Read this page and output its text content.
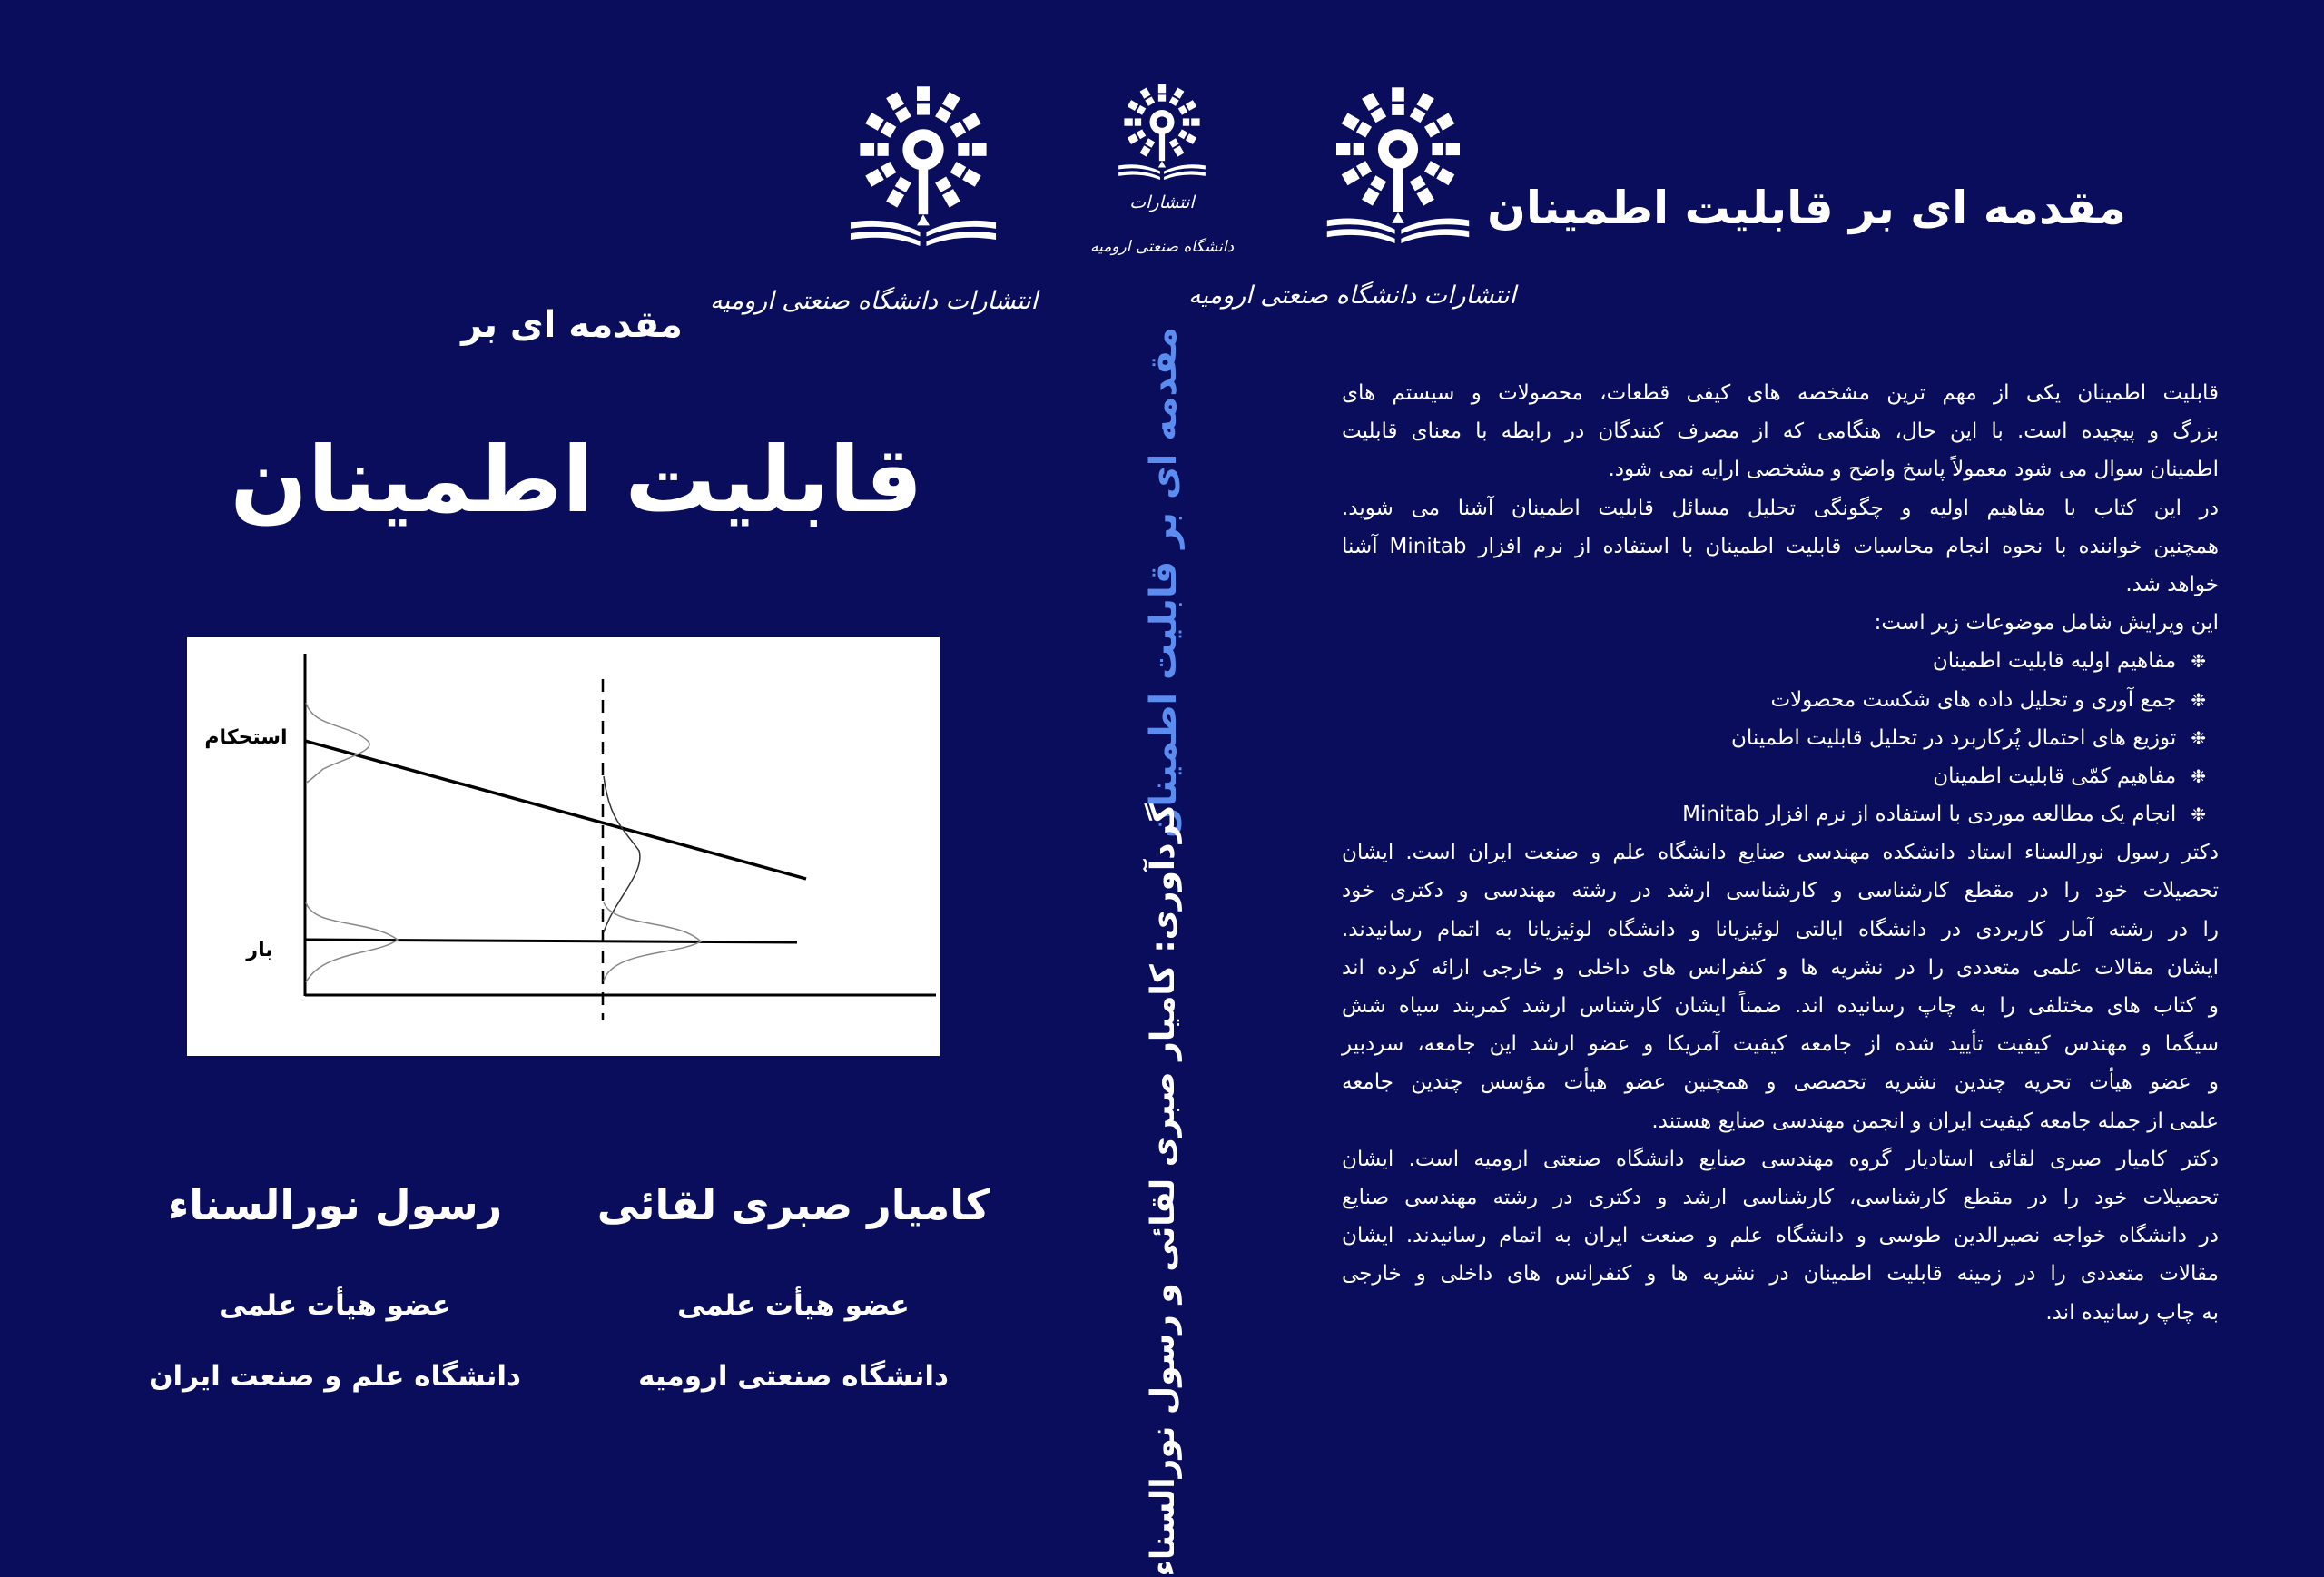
انتشارات دانشگاه صنعتی ارومیه
مقدمه ای بر قابلیت اطمینان
قابلیت اطمینان یکی از مهم ترین مشخصه های کیفی قطعات، محصولات و سیستم های
بزرگ و پیچیده است. با این حال، هنگامی که از مصرف کنندگان در رابطه با معنای قابلیت
اطمینان سوال می شود معمولاً پاسخ واضح و مشخصی ارایه نمی شود.
در این کتاب با مفاهیم اولیه و چگونگی تحلیل مسائل قابلیت اطمینان آشنا می شوید.
همچنین خواننده با نحوه انجام محاسبات قابلیت اطمینان با استفاده از نرم افزار Minitab آشنا
خواهد شد.
این ویرایش شامل موضوعات زیر است:
❉
مفاهیم اولیه قابلیت اطمینان
❉
جمع آوری و تحلیل داده های شکست محصولات
❉
توزیع های احتمال پُرکاربرد در تحلیل قابلیت اطمینان
❉
مفاهیم کمّی قابلیت اطمینان
❉
انجام یک مطالعه موردی با استفاده از نرم افزار Minitab
دکتر رسول نورالسناء استاد دانشکده مهندسی صنایع دانشگاه علم و صنعت ایران است. ایشان
تحصیلات خود را در مقطع کارشناسی و کارشناسی ارشد در رشته مهندسی و دکتری خود
را در رشته آمار کاربردی در دانشگاه ایالتی لوئیزیانا و دانشگاه لوئیزیانا به اتمام رسانیدند.
ایشان مقالات علمی متعددی را در نشریه ها و کنفرانس های داخلی و خارجی ارائه کرده اند
و کتاب های مختلفی را به چاپ رسانیده اند. ضمناً ایشان کارشناس ارشد کمربند سیاه شش
سیگما و مهندس کیفیت تأیید شده از جامعه کیفیت آمریکا و عضو ارشد این جامعه، سردبیر
و عضو هیأت تحریه چندین نشریه تحصصی و همچنین عضو هیأت مؤسس چندین جامعه
علمی از جمله جامعه کیفیت ایران و انجمن مهندسی صنایع هستند.
دکتر کامیار صبری لقائی استادیار گروه مهندسی صنایع دانشگاه صنعتی ارومیه است. ایشان
تحصیلات خود را در مقطع کارشناسی، کارشناسی ارشد و دکتری در رشته مهندسی صنایع
در دانشگاه خواجه نصیرالدین طوسی و دانشگاه علم و صنعت ایران به اتمام رسانیدند. ایشان
مقالات متعددی را در زمینه قابلیت اطمینان در نشریه ها و کنفرانس های داخلی و خارجی
به چاپ رسانیده اند.
انتشارات
دانشگاه صنعتی ارومیه
مقدمه ای بر قابلیت اطمینان
گردآوری: کامیار صبری لقائی و رسول نورالسناء
انتشارات دانشگاه صنعتی ارومیه
مقدمه ای بر
قابلیت اطمینان
استحکام
بار
کامیار صبری لقائی
عضو هیأت علمی
دانشگاه صنعتی ارومیه
رسول نورالسناء
عضو هیأت علمی
دانشگاه علم و صنعت ایران
